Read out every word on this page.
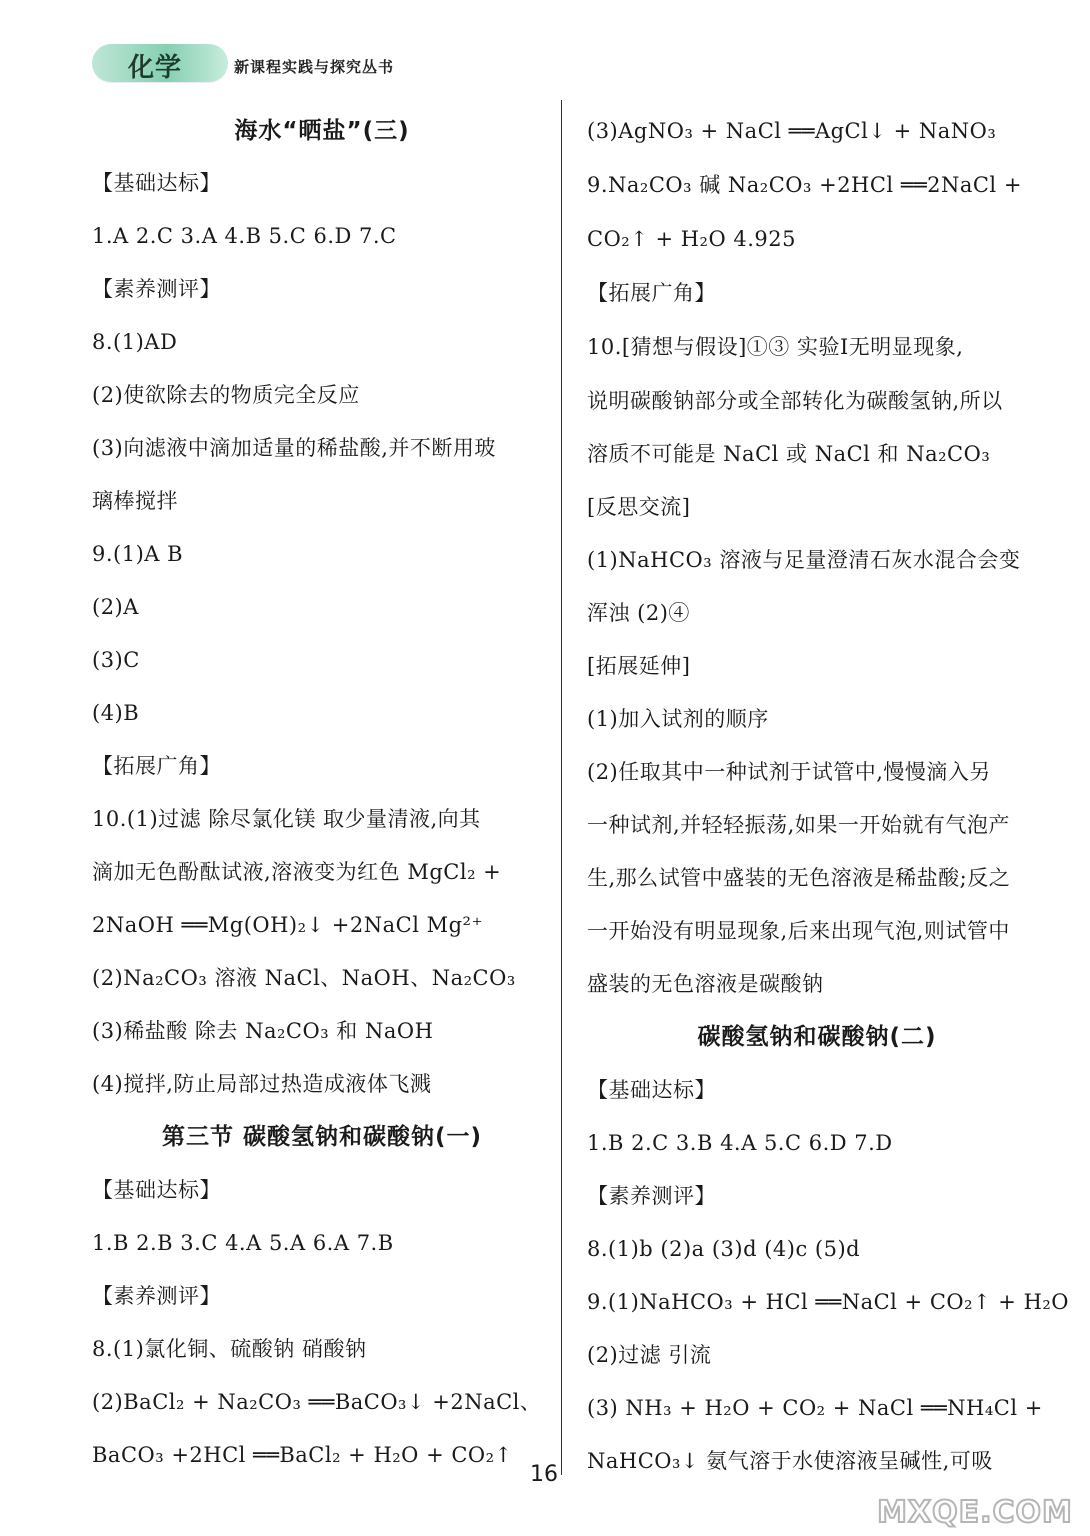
化学	新课程实践与探究丛书
海水“晒盐”(三)
【基础达标】
1.A 2.C 3.A 4.B 5.C 6.D 7.C
【素养测评】
8.(1)AD
(2)使欲除去的物质完全反应
(3)向滤液中滴加适量的稀盐酸,并不断用玻
璃棒搅拌
9.(1)A B
(2)A
(3)C
(4)B
【拓展广角】
10.(1)过滤 除尽氯化镁 取少量清液,向其
滴加无色酚酞试液,溶液变为红色 MgCl₂ +
2NaOH ══Mg(OH)₂↓ +2NaCl Mg²⁺
(2)Na₂CO₃ 溶液 NaCl、NaOH、Na₂CO₃
(3)稀盐酸 除去 Na₂CO₃ 和 NaOH
(4)搅拌,防止局部过热造成液体飞溅
第三节 碳酸氢钠和碳酸钠(一)
【基础达标】
1.B 2.B 3.C 4.A 5.A 6.A 7.B
【素养测评】
8.(1)氯化铜、硫酸钠 硝酸钠
(2)BaCl₂ + Na₂CO₃ ══BaCO₃↓ +2NaCl、
BaCO₃ +2HCl ══BaCl₂ + H₂O + CO₂↑
(3)AgNO₃ + NaCl ══AgCl↓ + NaNO₃
9.Na₂CO₃ 碱 Na₂CO₃ +2HCl ══2NaCl +
CO₂↑ + H₂O 4.925
【拓展广角】
10.[猜想与假设]①③ 实验Ⅰ无明显现象,
说明碳酸钠部分或全部转化为碳酸氢钠,所以
溶质不可能是 NaCl 或 NaCl 和 Na₂CO₃
[反思交流]
(1)NaHCO₃ 溶液与足量澄清石灰水混合会变
浑浊 (2)④
[拓展延伸]
(1)加入试剂的顺序
(2)任取其中一种试剂于试管中,慢慢滴入另
一种试剂,并轻轻振荡,如果一开始就有气泡产
生,那么试管中盛装的无色溶液是稀盐酸;反之
一开始没有明显现象,后来出现气泡,则试管中
盛装的无色溶液是碳酸钠
碳酸氢钠和碳酸钠(二)
【基础达标】
1.B 2.C 3.B 4.A 5.C 6.D 7.D
【素养测评】
8.(1)b (2)a (3)d (4)c (5)d
9.(1)NaHCO₃ + HCl ══NaCl + CO₂↑ + H₂O
(2)过滤 引流
(3) NH₃ + H₂O + CO₂ + NaCl ══NH₄Cl +
NaHCO₃↓ 氨气溶于水使溶液呈碱性,可吸
16
MXQE.COM
